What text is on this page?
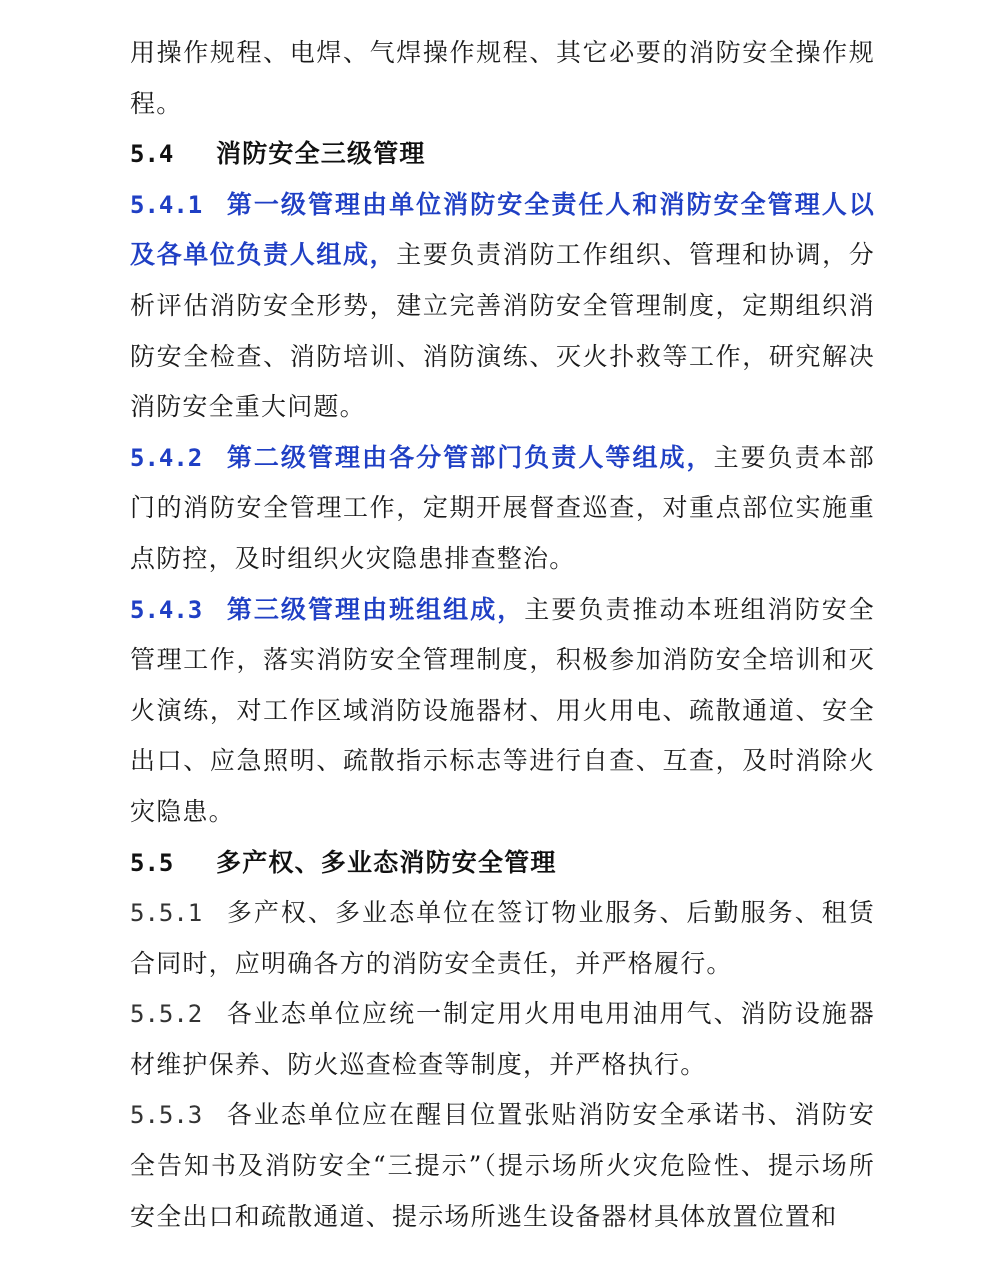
用操作规程、电焊、气焊操作规程、其它必要的消防安全操作规程。

5.4 消防安全三级管理

5.4.1 第一级管理由单位消防安全责任人和消防安全管理人以及各单位负责人组成，主要负责消防工作组织、管理和协调，分析评估消防安全形势，建立完善消防安全管理制度，定期组织消防安全检查、消防培训、消防演练、灭火扑救等工作，研究解决消防安全重大问题。

5.4.2 第二级管理由各分管部门负责人等组成，主要负责本部门的消防安全管理工作，定期开展督查巡查，对重点部位实施重点防控，及时组织火灾隐患排查整治。

5.4.3 第三级管理由班组组成，主要负责推动本班组消防安全管理工作，落实消防安全管理制度，积极参加消防安全培训和灭火演练，对工作区域消防设施器材、用火用电、疏散通道、安全出口、应急照明、疏散指示标志等进行自查、互查，及时消除火灾隐患。

5.5 多产权、多业态消防安全管理

5.5.1 多产权、多业态单位在签订物业服务、后勤服务、租赁合同时，应明确各方的消防安全责任，并严格履行。

5.5.2 各业态单位应统一制定用火用电用油用气、消防设施器材维护保养、防火巡查检查等制度，并严格执行。

5.5.3 各业态单位应在醒目位置张贴消防安全承诺书、消防安全告知书及消防安全“三提示”（提示场所火灾危险性、提示场所安全出口和疏散通道、提示场所逃生设备器材具体放置位置和
